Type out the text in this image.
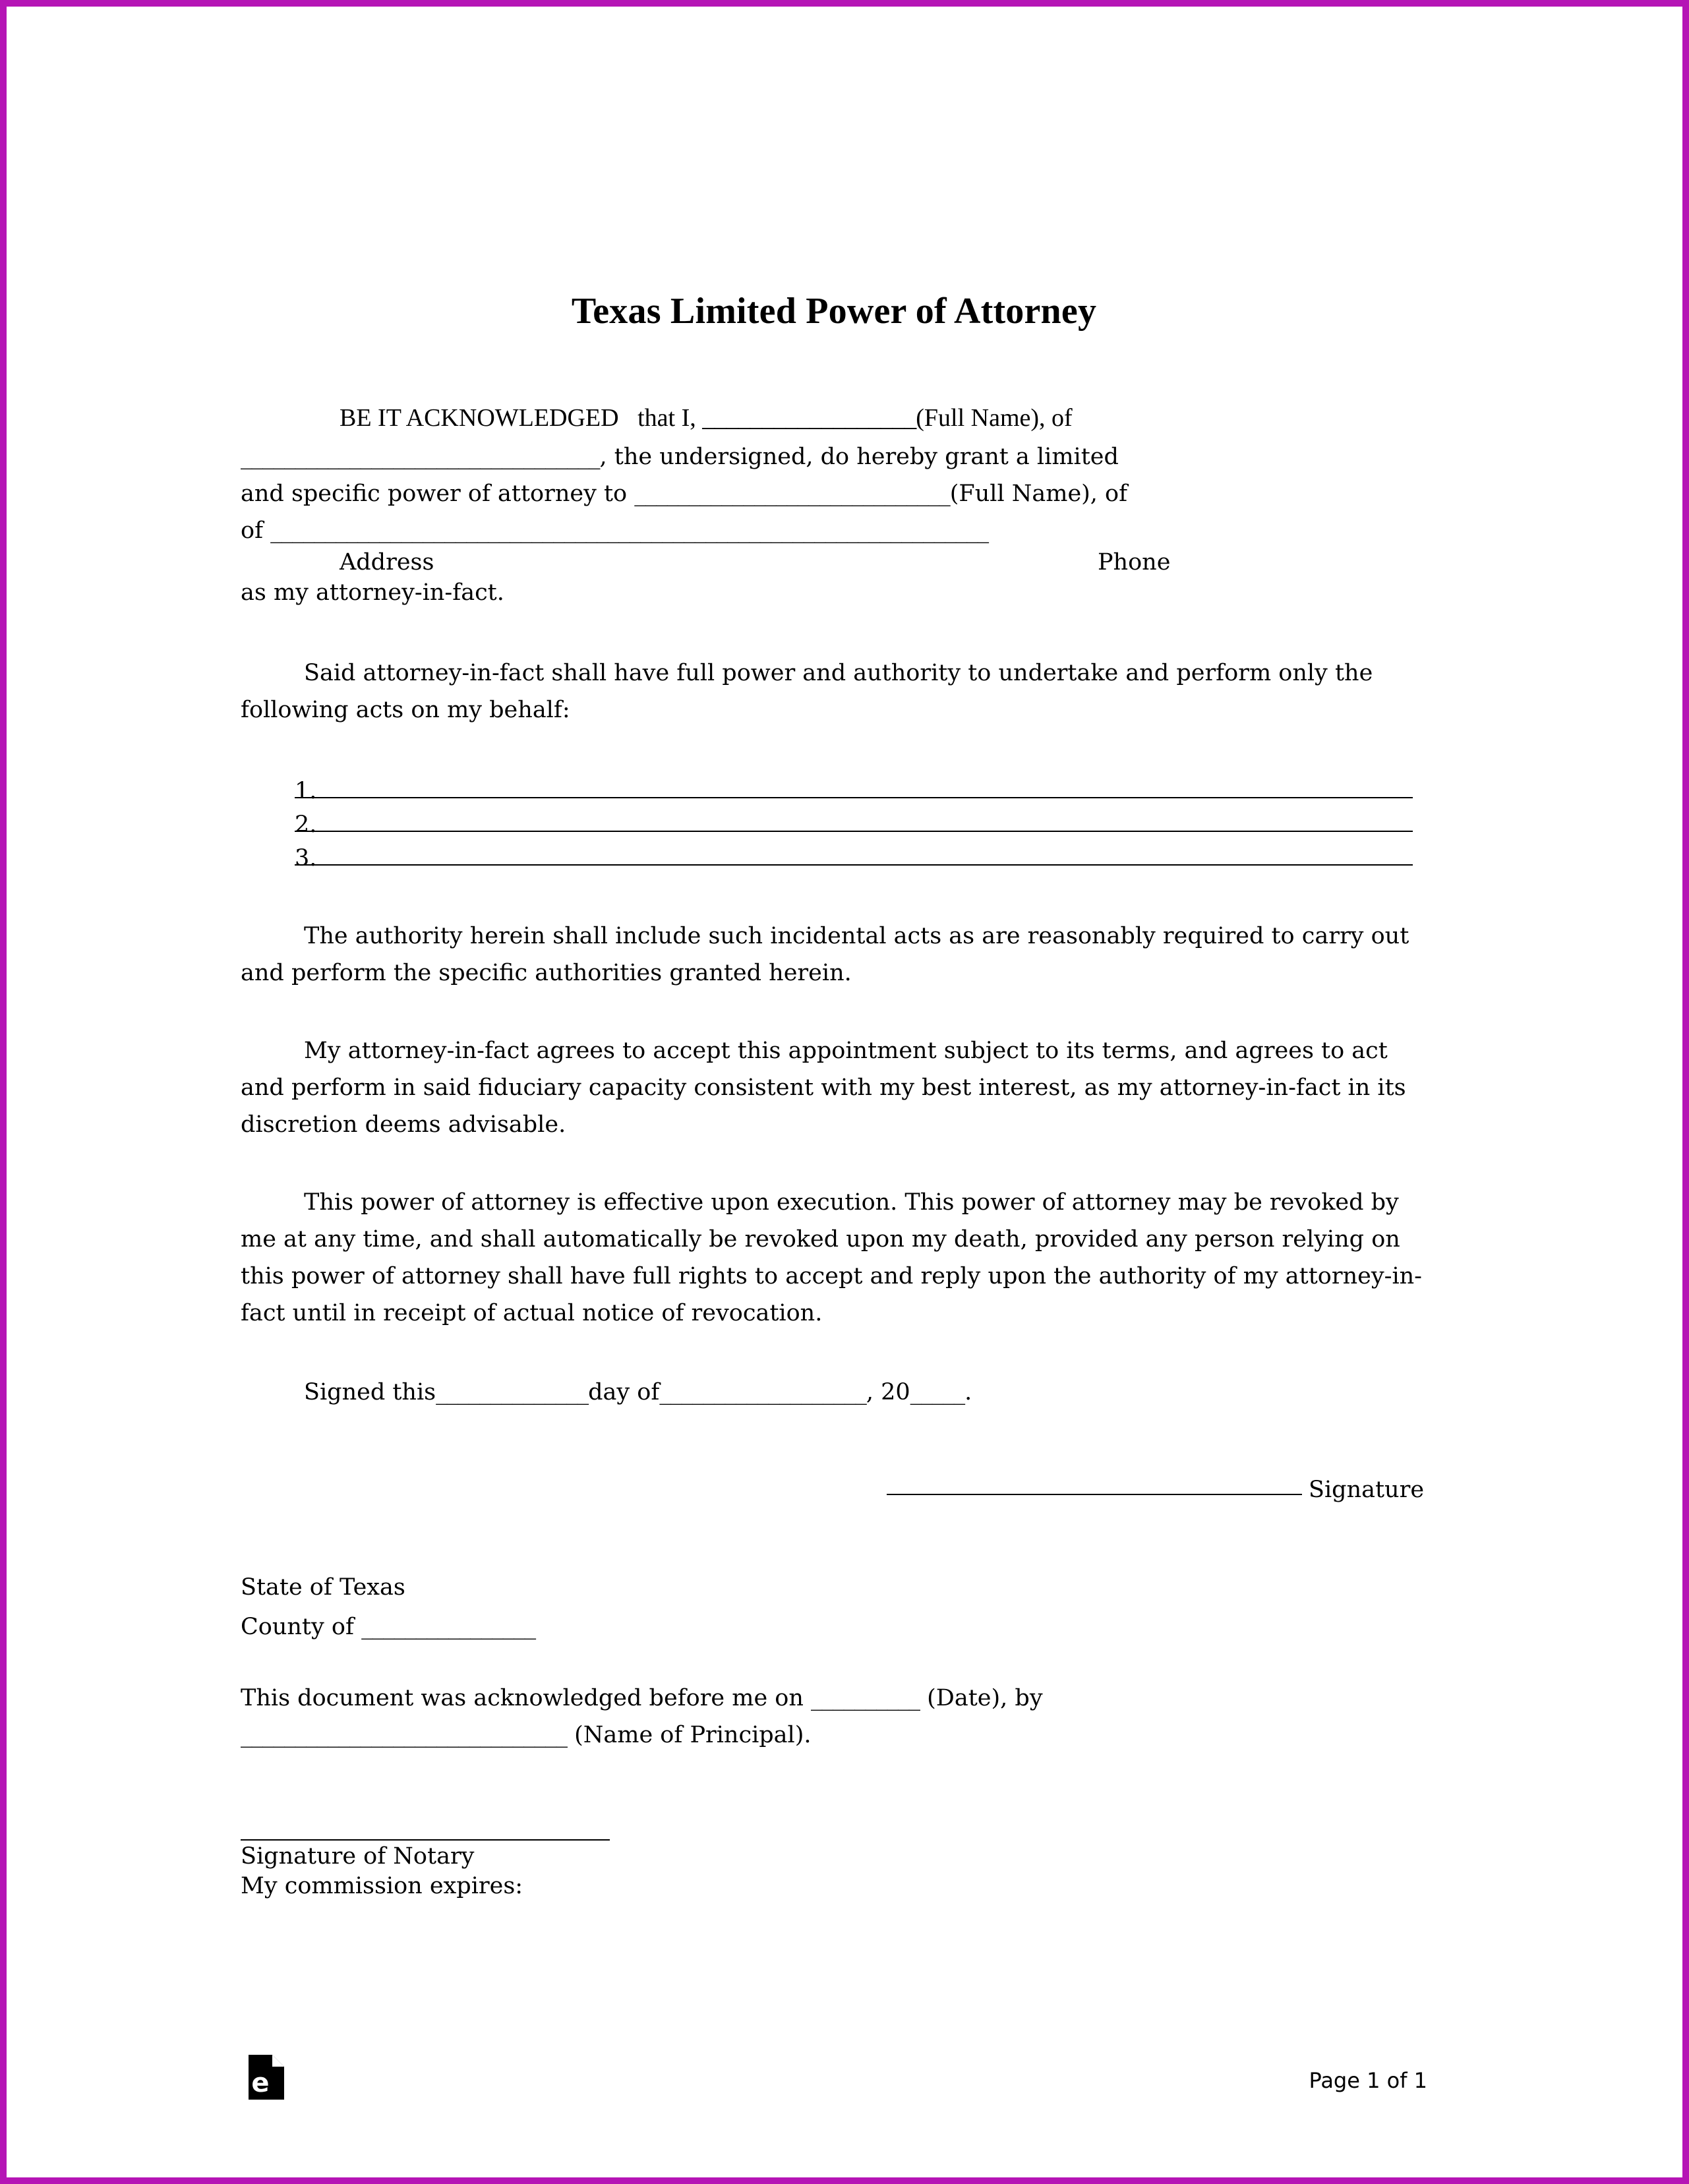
Texas Limited Power of Attorney
BE IT ACKNOWLEDGED that I, __________________(Full Name), of
_________________________________, the undersigned, do hereby grant a limited
and specific power of attorney to _____________________________(Full Name), of
of __________________________________________________________________
Address	Phone
as my attorney-in-fact.

Said attorney-in-fact shall have full power and authority to undertake and perform only the following acts on my behalf:

1.
2.
3.

The authority herein shall include such incidental acts as are reasonably required to carry out and perform the specific authorities granted herein.

My attorney-in-fact agrees to accept this appointment subject to its terms, and agrees to act and perform in said fiduciary capacity consistent with my best interest, as my attorney-in-fact in its discretion deems advisable.

This power of attorney is effective upon execution. This power of attorney may be revoked by me at any time, and shall automatically be revoked upon my death, provided any person relying on this power of attorney shall have full rights to accept and reply upon the authority of my attorney-in-fact until in receipt of actual notice of revocation.

Signed this______________day of___________________, 20_____.
Signature
State of Texas
County of ________________
This document was acknowledged before me on __________ (Date), by
______________________________ (Name of Principal).
Signature of Notary
My commission expires:
e	Page 1 of 1
